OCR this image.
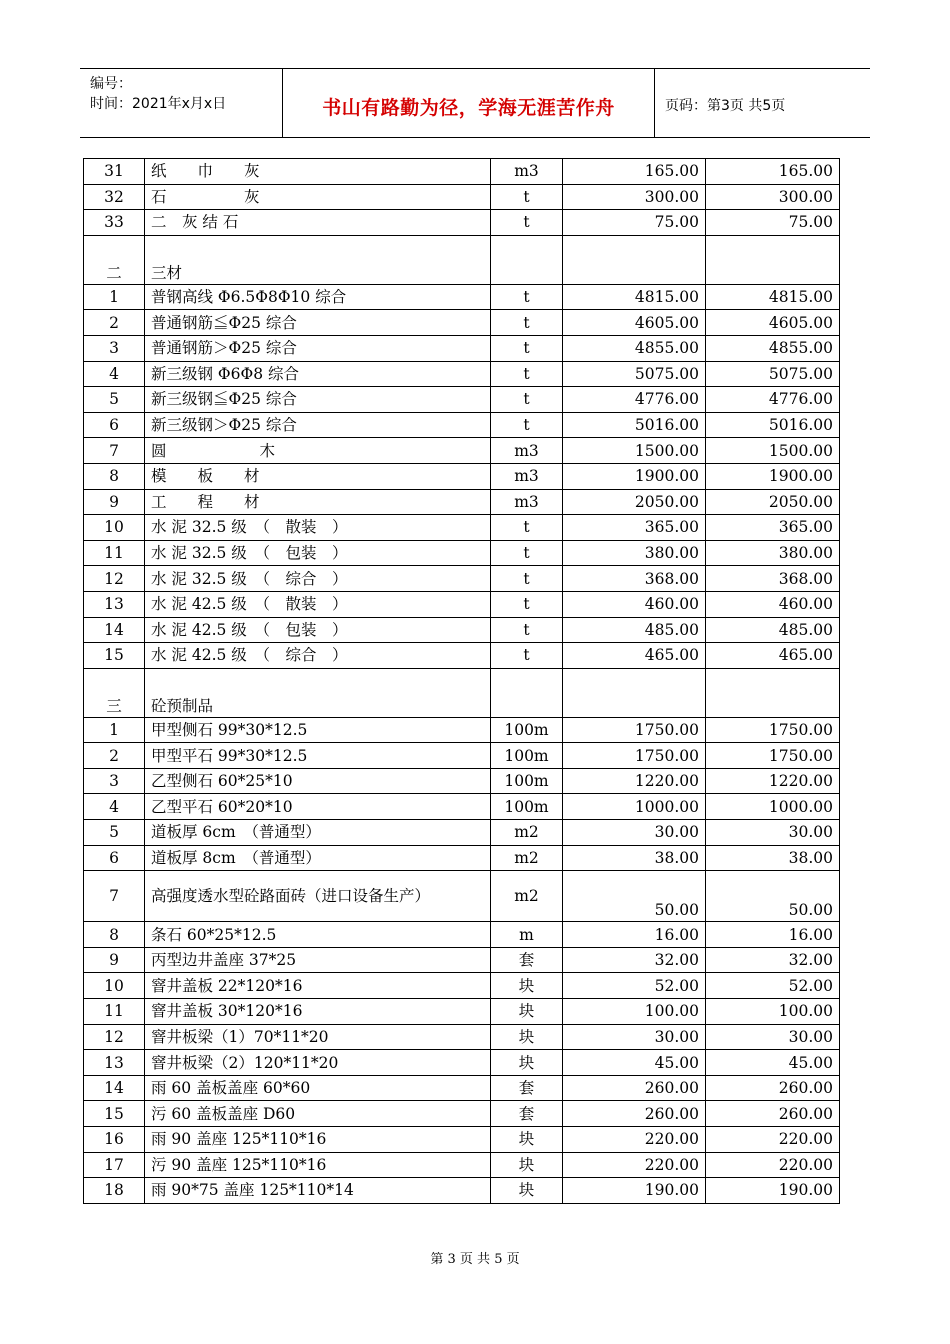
编号：
时间：2021年x月x日	书山有路勤为径，学海无涯苦作舟	页码：第3页 共5页
31	纸　　巾　　灰	m3	165.00	165.00
32	石　　　　　灰	t	300.00	300.00
33	二　灰 结 石	t	75.00	75.00
二	三材			
1	普钢高线 Φ6.5Φ8Φ10 综合	t	4815.00	4815.00
2	普通钢筋≦Φ25 综合	t	4605.00	4605.00
3	普通钢筋＞Φ25 综合	t	4855.00	4855.00
4	新三级钢 Φ6Φ8 综合	t	5075.00	5075.00
5	新三级钢≦Φ25 综合	t	4776.00	4776.00
6	新三级钢＞Φ25 综合	t	5016.00	5016.00
7	圆　　　　　　木	m3	1500.00	1500.00
8	模　　板　　材	m3	1900.00	1900.00
9	工　　程　　材	m3	2050.00	2050.00
10	水 泥 32.5 级　（　散装　）	t	365.00	365.00
11	水 泥 32.5 级　（　包装　）	t	380.00	380.00
12	水 泥 32.5 级　（　综合　）	t	368.00	368.00
13	水 泥 42.5 级　（　散装　）	t	460.00	460.00
14	水 泥 42.5 级　（　包装　）	t	485.00	485.00
15	水 泥 42.5 级　（　综合　）	t	465.00	465.00
三	砼预制品			
1	甲型侧石 99*30*12.5	100m	1750.00	1750.00
2	甲型平石 99*30*12.5	100m	1750.00	1750.00
3	乙型侧石 60*25*10	100m	1220.00	1220.00
4	乙型平石 60*20*10	100m	1000.00	1000.00
5	道板厚 6cm　（普通型）	m2	30.00	30.00
6	道板厚 8cm　（普通型）	m2	38.00	38.00
7	高强度透水型砼路面砖（进口设备生产）	m2	50.00	50.00
8	条石 60*25*12.5	m	16.00	16.00
9	丙型边井盖座 37*25	套	32.00	32.00
10	窨井盖板 22*120*16	块	52.00	52.00
11	窨井盖板 30*120*16	块	100.00	100.00
12	窨井板梁（1）70*11*20	块	30.00	30.00
13	窨井板梁（2）120*11*20	块	45.00	45.00
14	雨 60 盖板盖座 60*60	套	260.00	260.00
15	污 60 盖板盖座 D60	套	260.00	260.00
16	雨 90 盖座 125*110*16	块	220.00	220.00
17	污 90 盖座 125*110*16	块	220.00	220.00
18	雨 90*75 盖座 125*110*14	块	190.00	190.00
第 3 页 共 5 页
